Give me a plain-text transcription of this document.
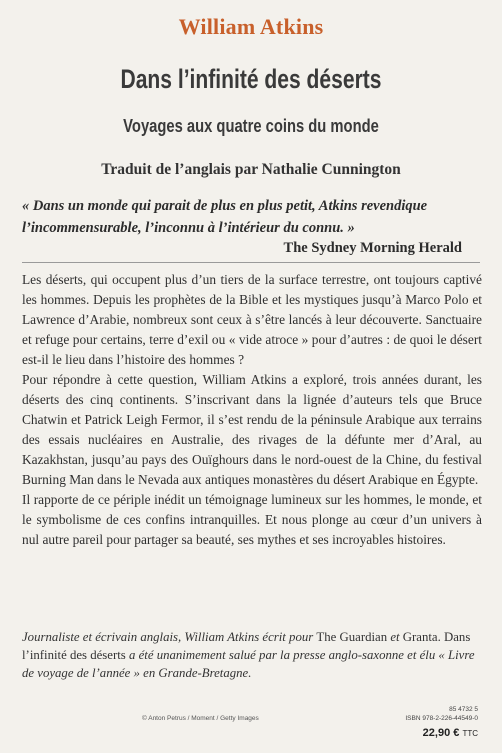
William Atkins
Dans l’infinité des déserts
Voyages aux quatre coins du monde
Traduit de l’anglais par Nathalie Cunnington
« Dans un monde qui parait de plus en plus petit, Atkins revendique l’incommensurable, l’inconnu à l’intérieur du connu. »
The Sydney Morning Herald

Les déserts, qui occupent plus d’un tiers de la surface terrestre, ont toujours captivé les hommes. Depuis les prophètes de la Bible et les mystiques jusqu’à Marco Polo et Lawrence d’Arabie, nombreux sont ceux à s’être lancés à leur découverte. Sanctuaire et refuge pour certains, terre d’exil ou « vide atroce » pour d’autres : de quoi le désert est-il le lieu dans l’histoire des hommes ?

Pour répondre à cette question, William Atkins a exploré, trois années durant, les déserts des cinq continents. S’inscrivant dans la lignée d’auteurs tels que Bruce Chatwin et Patrick Leigh Fermor, il s’est rendu de la péninsule Arabique aux terrains des essais nucléaires en Australie, des rivages de la défunte mer d’Aral, au Kazakhstan, jusqu’au pays des Ouïghours dans le nord-ouest de la Chine, du festival Burning Man dans le Nevada aux antiques monastères du désert Arabique en Égypte.

Il rapporte de ce périple inédit un témoignage lumineux sur les hommes, le monde, et le symbolisme de ces confins intranquilles. Et nous plonge au cœur d’un univers à nul autre pareil pour partager sa beauté, ses mythes et ses incroyables histoires.

Journaliste et écrivain anglais, William Atkins écrit pour The Guardian et Granta. Dans l’infinité des déserts a été unanimement salué par la presse anglo-saxonne et élu « Livre de voyage de l’année » en Grande-Bretagne.
© Anton Petrus / Moment / Getty Images
85 4732 5
ISBN 978-2-226-44549-0
22,90 € TTC
